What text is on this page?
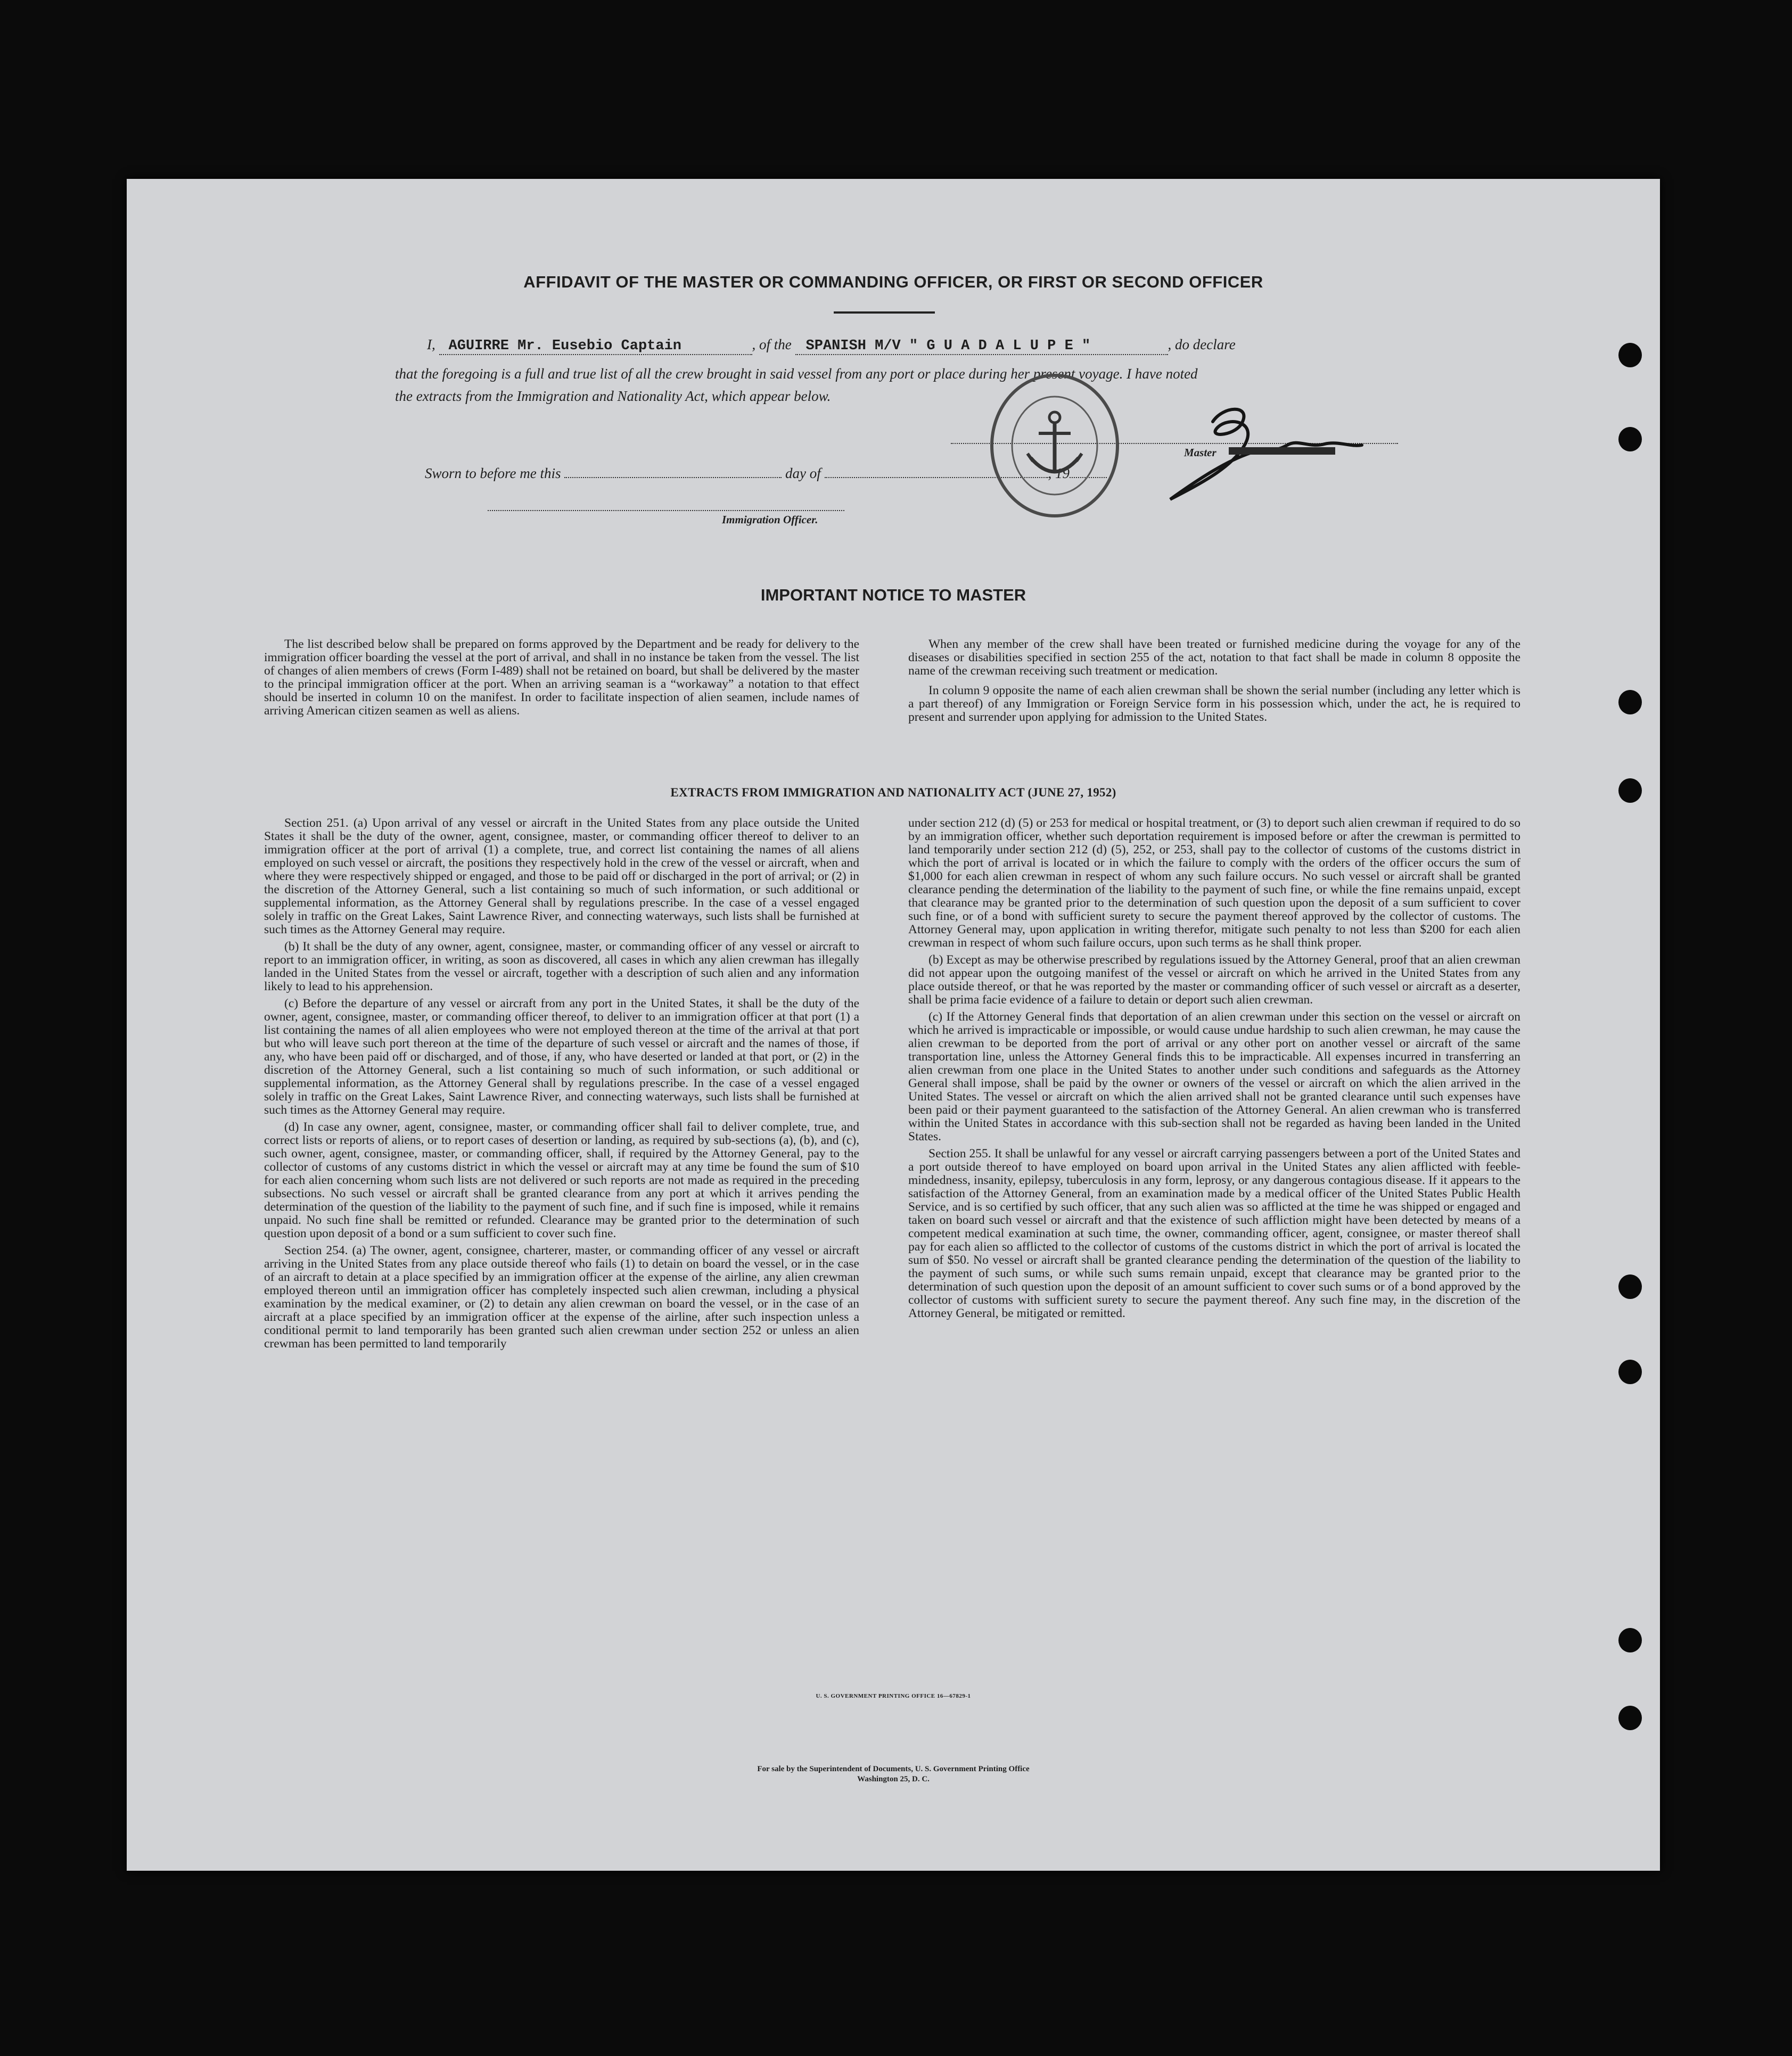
AFFIDAVIT OF THE MASTER OR COMMANDING OFFICER, OR FIRST OR SECOND OFFICER
I, AGUIRRE Mr. Eusebio Captain	, of the SPANISH M/V " G U A D A L U P E "	, do declare
that the foregoing is a full and true list of all the crew brought in said vessel from any port or place during her present voyage. I have noted
the extracts from the Immigration and Nationality Act, which appear below.
Sworn to before me this	day of	, 19
Immigration Officer.
Master
IMPORTANT NOTICE TO MASTER

The list described below shall be prepared on forms approved by the Department and be ready for delivery to the immigration officer boarding the vessel at the port of arrival, and shall in no instance be taken from the vessel. The list of changes of alien members of crews (Form I-489) shall not be retained on board, but shall be delivered by the master to the principal immigration officer at the port. When an arriving seaman is a “workaway” a notation to that effect should be inserted in column 10 on the manifest. In order to facilitate inspection of alien seamen, include names of arriving American citizen seamen as well as aliens.

When any member of the crew shall have been treated or furnished medicine during the voyage for any of the diseases or disabilities specified in section 255 of the act, notation to that fact shall be made in column 8 opposite the name of the crewman receiving such treatment or medication.

In column 9 opposite the name of each alien crewman shall be shown the serial number (including any letter which is a part thereof) of any Immigration or Foreign Service form in his possession which, under the act, he is required to present and surrender upon applying for admission to the United States.

EXTRACTS FROM IMMIGRATION AND NATIONALITY ACT (JUNE 27, 1952)

Section 251. (a) Upon arrival of any vessel or aircraft in the United States from any place outside the United States it shall be the duty of the owner, agent, consignee, master, or commanding officer thereof to deliver to an immigration officer at the port of arrival (1) a complete, true, and correct list containing the names of all aliens employed on such vessel or aircraft, the positions they respectively hold in the crew of the vessel or aircraft, when and where they were respectively shipped or engaged, and those to be paid off or discharged in the port of arrival; or (2) in the discretion of the Attorney General, such a list containing so much of such information, or such additional or supplemental information, as the Attorney General shall by regulations prescribe. In the case of a vessel engaged solely in traffic on the Great Lakes, Saint Lawrence River, and connecting waterways, such lists shall be furnished at such times as the Attorney General may require.

(b) It shall be the duty of any owner, agent, consignee, master, or commanding officer of any vessel or aircraft to report to an immigration officer, in writing, as soon as discovered, all cases in which any alien crewman has illegally landed in the United States from the vessel or aircraft, together with a description of such alien and any information likely to lead to his apprehension.

(c) Before the departure of any vessel or aircraft from any port in the United States, it shall be the duty of the owner, agent, consignee, master, or commanding officer thereof, to deliver to an immigration officer at that port (1) a list containing the names of all alien employees who were not employed thereon at the time of the arrival at that port but who will leave such port thereon at the time of the departure of such vessel or aircraft and the names of those, if any, who have been paid off or discharged, and of those, if any, who have deserted or landed at that port, or (2) in the discretion of the Attorney General, such a list containing so much of such information, or such additional or supplemental information, as the Attorney General shall by regulations prescribe. In the case of a vessel engaged solely in traffic on the Great Lakes, Saint Lawrence River, and connecting waterways, such lists shall be furnished at such times as the Attorney General may require.

(d) In case any owner, agent, consignee, master, or commanding officer shall fail to deliver complete, true, and correct lists or reports of aliens, or to report cases of desertion or landing, as required by sub-sections (a), (b), and (c), such owner, agent, consignee, master, or commanding officer, shall, if required by the Attorney General, pay to the collector of customs of any customs district in which the vessel or aircraft may at any time be found the sum of $10 for each alien concerning whom such lists are not delivered or such reports are not made as required in the preceding subsections. No such vessel or aircraft shall be granted clearance from any port at which it arrives pending the determination of the question of the liability to the payment of such fine, and if such fine is imposed, while it remains unpaid. No such fine shall be remitted or refunded. Clearance may be granted prior to the determination of such question upon deposit of a bond or a sum sufficient to cover such fine.

Section 254. (a) The owner, agent, consignee, charterer, master, or commanding officer of any vessel or aircraft arriving in the United States from any place outside thereof who fails (1) to detain on board the vessel, or in the case of an aircraft to detain at a place specified by an immigration officer at the expense of the airline, any alien crewman employed thereon until an immigration officer has completely inspected such alien crewman, including a physical examination by the medical examiner, or (2) to detain any alien crewman on board the vessel, or in the case of an aircraft at a place specified by an immigration officer at the expense of the airline, after such inspection unless a conditional permit to land temporarily has been granted such alien crewman under section 252 or unless an alien crewman has been permitted to land temporarily

under section 212 (d) (5) or 253 for medical or hospital treatment, or (3) to deport such alien crewman if required to do so by an immigration officer, whether such deportation requirement is imposed before or after the crewman is permitted to land temporarily under section 212 (d) (5), 252, or 253, shall pay to the collector of customs of the customs district in which the port of arrival is located or in which the failure to comply with the orders of the officer occurs the sum of $1,000 for each alien crewman in respect of whom any such failure occurs. No such vessel or aircraft shall be granted clearance pending the determination of the liability to the payment of such fine, or while the fine remains unpaid, except that clearance may be granted prior to the determination of such question upon the deposit of a sum sufficient to cover such fine, or of a bond with sufficient surety to secure the payment thereof approved by the collector of customs. The Attorney General may, upon application in writing therefor, mitigate such penalty to not less than $200 for each alien crewman in respect of whom such failure occurs, upon such terms as he shall think proper.

(b) Except as may be otherwise prescribed by regulations issued by the Attorney General, proof that an alien crewman did not appear upon the outgoing manifest of the vessel or aircraft on which he arrived in the United States from any place outside thereof, or that he was reported by the master or commanding officer of such vessel or aircraft as a deserter, shall be prima facie evidence of a failure to detain or deport such alien crewman.

(c) If the Attorney General finds that deportation of an alien crewman under this section on the vessel or aircraft on which he arrived is impracticable or impossible, or would cause undue hardship to such alien crewman, he may cause the alien crewman to be deported from the port of arrival or any other port on another vessel or aircraft of the same transportation line, unless the Attorney General finds this to be impracticable. All expenses incurred in transferring an alien crewman from one place in the United States to another under such conditions and safeguards as the Attorney General shall impose, shall be paid by the owner or owners of the vessel or aircraft on which the alien arrived in the United States. The vessel or aircraft on which the alien arrived shall not be granted clearance until such expenses have been paid or their payment guaranteed to the satisfaction of the Attorney General. An alien crewman who is transferred within the United States in accordance with this sub-section shall not be regarded as having been landed in the United States.

Section 255. It shall be unlawful for any vessel or aircraft carrying passengers between a port of the United States and a port outside thereof to have employed on board upon arrival in the United States any alien afflicted with feeble-mindedness, insanity, epilepsy, tuberculosis in any form, leprosy, or any dangerous contagious disease. If it appears to the satisfaction of the Attorney General, from an examination made by a medical officer of the United States Public Health Service, and is so certified by such officer, that any such alien was so afflicted at the time he was shipped or engaged and taken on board such vessel or aircraft and that the existence of such affliction might have been detected by means of a competent medical examination at such time, the owner, commanding officer, agent, consignee, or master thereof shall pay for each alien so afflicted to the collector of customs of the customs district in which the port of arrival is located the sum of $50. No vessel or aircraft shall be granted clearance pending the determination of the question of the liability to the payment of such sums, or while such sums remain unpaid, except that clearance may be granted prior to the determination of such question upon the deposit of an amount sufficient to cover such sums or of a bond approved by the collector of customs with sufficient surety to secure the payment thereof. Any such fine may, in the discretion of the Attorney General, be mitigated or remitted.

U. S. GOVERNMENT PRINTING OFFICE 16—67829-1
For sale by the Superintendent of Documents, U. S. Government Printing Office
Washington 25, D. C.
